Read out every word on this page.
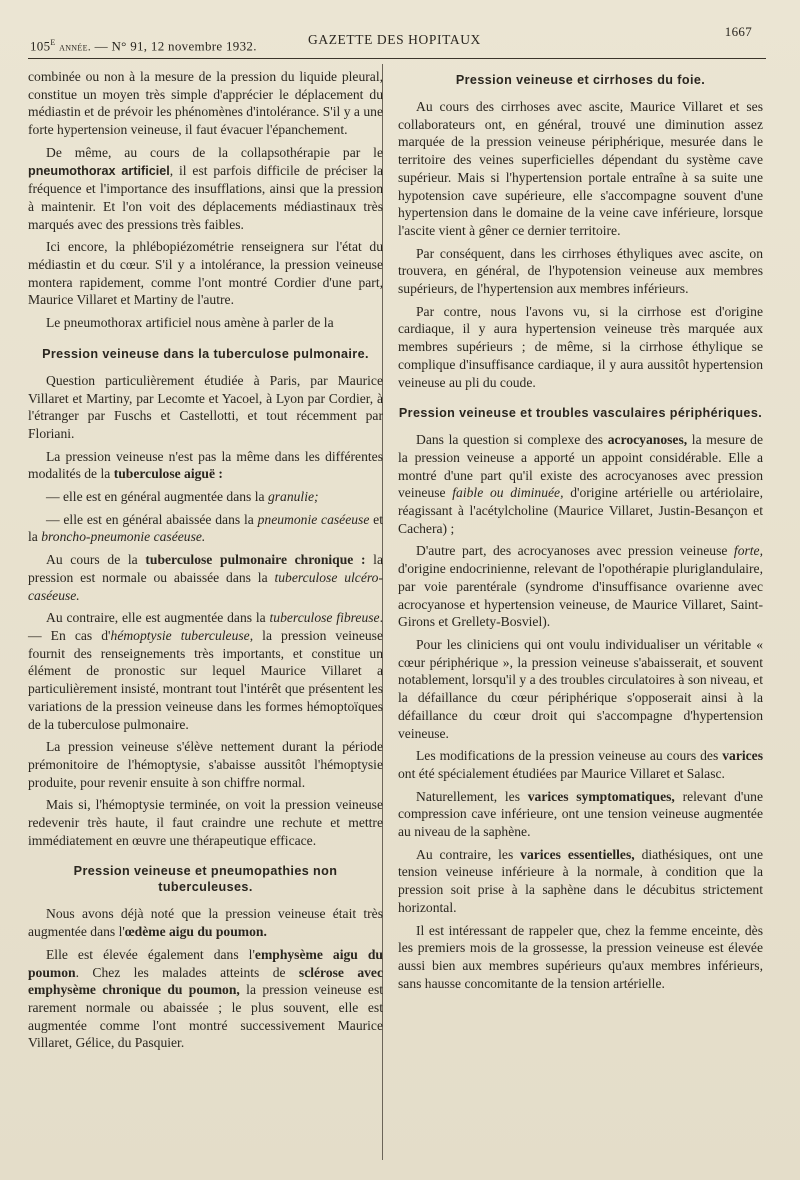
105e année. — N° 91, 12 novembre 1932.	GAZETTE DES HOPITAUX
1667

combinée ou non à la mesure de la pression du liquide pleural, constitue un moyen très simple d'apprécier le déplacement du médiastin et de prévoir les phénomènes d'intolérance. S'il y a une forte hypertension veineuse, il faut évacuer l'épanchement.

De même, au cours de la collapsothérapie par le pneumothorax artificiel, il est parfois difficile de préciser la fréquence et l'importance des insufflations, ainsi que la pression à maintenir. Et l'on voit des déplacements médiastinaux très marqués avec des pressions très faibles.

Ici encore, la phlébopiézométrie renseignera sur l'état du médiastin et du cœur. S'il y a intolérance, la pression veineuse montera rapidement, comme l'ont montré Cordier d'une part, Maurice Villaret et Martiny de l'autre.

Le pneumothorax artificiel nous amène à parler de la

Pression veineuse dans la tuberculose pulmonaire.

Question particulièrement étudiée à Paris, par Maurice Villaret et Martiny, par Lecomte et Yacoel, à Lyon par Cordier, à l'étranger par Fuschs et Castellotti, et tout récemment par Floriani.

La pression veineuse n'est pas la même dans les différentes modalités de la tuberculose aiguë :

— elle est en général augmentée dans la granulie;

— elle est en général abaissée dans la pneumonie caséeuse et la broncho-pneumonie caséeuse.

Au cours de la tuberculose pulmonaire chronique : la pression est normale ou abaissée dans la tuberculose ulcéro-caséeuse.

Au contraire, elle est augmentée dans la tuberculose fibreuse. — En cas d'hémoptysie tuberculeuse, la pression veineuse fournit des renseignements très importants, et constitue un élément de pronostic sur lequel Maurice Villaret a particulièrement insisté, montrant tout l'intérêt que présentent les variations de la pression veineuse dans les formes hémoptoïques de la tuberculose pulmonaire.

La pression veineuse s'élève nettement durant la période prémonitoire de l'hémoptysie, s'abaisse aussitôt l'hémoptysie produite, pour revenir ensuite à son chiffre normal.

Mais si, l'hémoptysie terminée, on voit la pression veineuse redevenir très haute, il faut craindre une rechute et mettre immédiatement en œuvre une thérapeutique efficace.

Pression veineuse et pneumopathies non tuberculeuses.

Nous avons déjà noté que la pression veineuse était très augmentée dans l'œdème aigu du poumon.

Elle est élevée également dans l'emphysème aigu du poumon. Chez les malades atteints de sclérose avec emphysème chronique du poumon, la pression veineuse est rarement normale ou abaissée ; le plus souvent, elle est augmentée comme l'ont montré successivement Maurice Villaret, Gélice, du Pasquier.

Pression veineuse et cirrhoses du foie.

Au cours des cirrhoses avec ascite, Maurice Villaret et ses collaborateurs ont, en général, trouvé une diminution assez marquée de la pression veineuse périphérique, mesurée dans le territoire des veines superficielles dépendant du système cave supérieur. Mais si l'hypertension portale entraîne à sa suite une hypotension cave supérieure, elle s'accompagne souvent d'une hypertension dans le domaine de la veine cave inférieure, lorsque l'ascite vient à gêner ce dernier territoire.

Par conséquent, dans les cirrhoses éthyliques avec ascite, on trouvera, en général, de l'hypotension veineuse aux membres supérieurs, de l'hypertension aux membres inférieurs.

Par contre, nous l'avons vu, si la cirrhose est d'origine cardiaque, il y aura hypertension veineuse très marquée aux membres supérieurs ; de même, si la cirrhose éthylique se complique d'insuffisance cardiaque, il y aura aussitôt hypertension veineuse au pli du coude.

Pression veineuse et troubles vasculaires périphériques.

Dans la question si complexe des acrocyanoses, la mesure de la pression veineuse a apporté un appoint considérable. Elle a montré d'une part qu'il existe des acrocyanoses avec pression veineuse faible ou diminuée, d'origine artérielle ou artériolaire, réagissant à l'acétylcholine (Maurice Villaret, Justin-Besançon et Cachera) ;

D'autre part, des acrocyanoses avec pression veineuse forte, d'origine endocrinienne, relevant de l'opothérapie pluriglandulaire, par voie parentérale (syndrome d'insuffisance ovarienne avec acrocyanose et hypertension veineuse, de Maurice Villaret, Saint-Girons et Grellety-Bosviel).

Pour les cliniciens qui ont voulu individualiser un véritable « cœur périphérique », la pression veineuse s'abaisserait, et souvent notablement, lorsqu'il y a des troubles circulatoires à son niveau, et la défaillance du cœur périphérique s'opposerait ainsi à la défaillance du cœur droit qui s'accompagne d'hypertension veineuse.

Les modifications de la pression veineuse au cours des varices ont été spécialement étudiées par Maurice Villaret et Salasc.

Naturellement, les varices symptomatiques, relevant d'une compression cave inférieure, ont une tension veineuse augmentée au niveau de la saphène.

Au contraire, les varices essentielles, diathésiques, ont une tension veineuse inférieure à la normale, à condition que la pression soit prise à la saphène dans le décubitus strictement horizontal.

Il est intéressant de rappeler que, chez la femme enceinte, dès les premiers mois de la grossesse, la pression veineuse est élevée aussi bien aux membres supérieurs qu'aux membres inférieurs, sans hausse concomitante de la tension artérielle.
